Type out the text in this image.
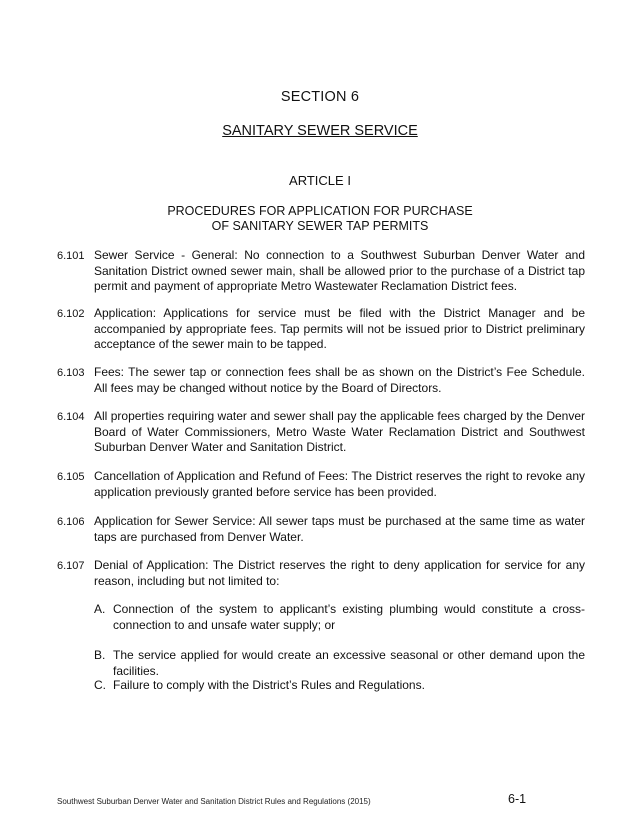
SECTION 6
SANITARY SEWER SERVICE
ARTICLE I
PROCEDURES FOR APPLICATION FOR PURCHASE
OF SANITARY SEWER TAP PERMITS
6.101 Sewer Service - General: No connection to a Southwest Suburban Denver Water and Sanitation District owned sewer main, shall be allowed prior to the purchase of a District tap permit and payment of appropriate Metro Wastewater Reclamation District fees.
6.102 Application: Applications for service must be filed with the District Manager and be accompanied by appropriate fees. Tap permits will not be issued prior to District preliminary acceptance of the sewer main to be tapped.
6.103 Fees: The sewer tap or connection fees shall be as shown on the District’s Fee Schedule. All fees may be changed without notice by the Board of Directors.
6.104 All properties requiring water and sewer shall pay the applicable fees charged by the Denver Board of Water Commissioners, Metro Waste Water Reclamation District and Southwest Suburban Denver Water and Sanitation District.
6.105 Cancellation of Application and Refund of Fees: The District reserves the right to revoke any application previously granted before service has been provided.
6.106 Application for Sewer Service: All sewer taps must be purchased at the same time as water taps are purchased from Denver Water.
6.107 Denial of Application: The District reserves the right to deny application for service for any reason, including but not limited to:
A. Connection of the system to applicant’s existing plumbing would constitute a cross-connection to and unsafe water supply; or
B. The service applied for would create an excessive seasonal or other demand upon the facilities.
C. Failure to comply with the District’s Rules and Regulations.
Southwest Suburban Denver Water and Sanitation District Rules and Regulations (2015)	6-1
